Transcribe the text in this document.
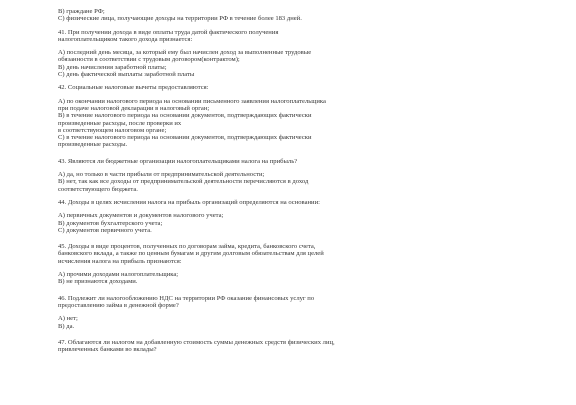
В) граждане РФ;
С) физические лица, получающие доходы на территории РФ в течение более 183 дней.
41. При получении дохода в виде оплаты труда датой фактического получения
налогоплательщиком такого дохода признается:
А) последний день месяца, за который ему был начислен доход за выполненные трудовые
обязанности в соответствии с трудовым договором(контрактом);
В) день начисления заработной платы;
С) день фактической выплаты заработной платы
42. Социальные налоговые вычеты предоставляются:
А) по окончании налогового периода на основании письменного заявления налогоплательщика
при подаче налоговой декларации в налоговый орган;
В) в течение налогового периода на основании документов, подтверждающих фактически
произведенные расходы, после проверки их
в соответствующем налоговом органе;
С) в течение налогового периода на основании документов, подтверждающих фактически
произведенные расходы.
43. Являются ли бюджетные организации налогоплательщиками налога на прибыль?
А) да, но только в части прибыли от предпринимательской деятельности;
В) нет, так как все доходы от предпринимательской деятельности перечисляются в доход
соответствующего бюджета.
44. Доходы в целях исчисления налога на прибыль организаций определяются на основании:
А) первичных документов и документов налогового учета;
В) документов бухгалтерского учета;
С) документов первичного учета.
45. Доходы в виде процентов, полученных по договорам займа, кредита, банковского счета,
банковского вклада, а также по ценным бумагам и другим долговым обязательствам для целей
исчисления налога на прибыль признаются:
А) прочими доходами налогоплательщика;
В) не признаются доходами.
46. Подлежит ли налогообложению НДС на территории РФ оказание финансовых услуг по
предоставлению займа в денежной форме?
А) нет;
В) да.
47. Облагаются ли налогом на добавленную стоимость суммы денежных средств физических лиц,
привлеченных банками во вклады?
